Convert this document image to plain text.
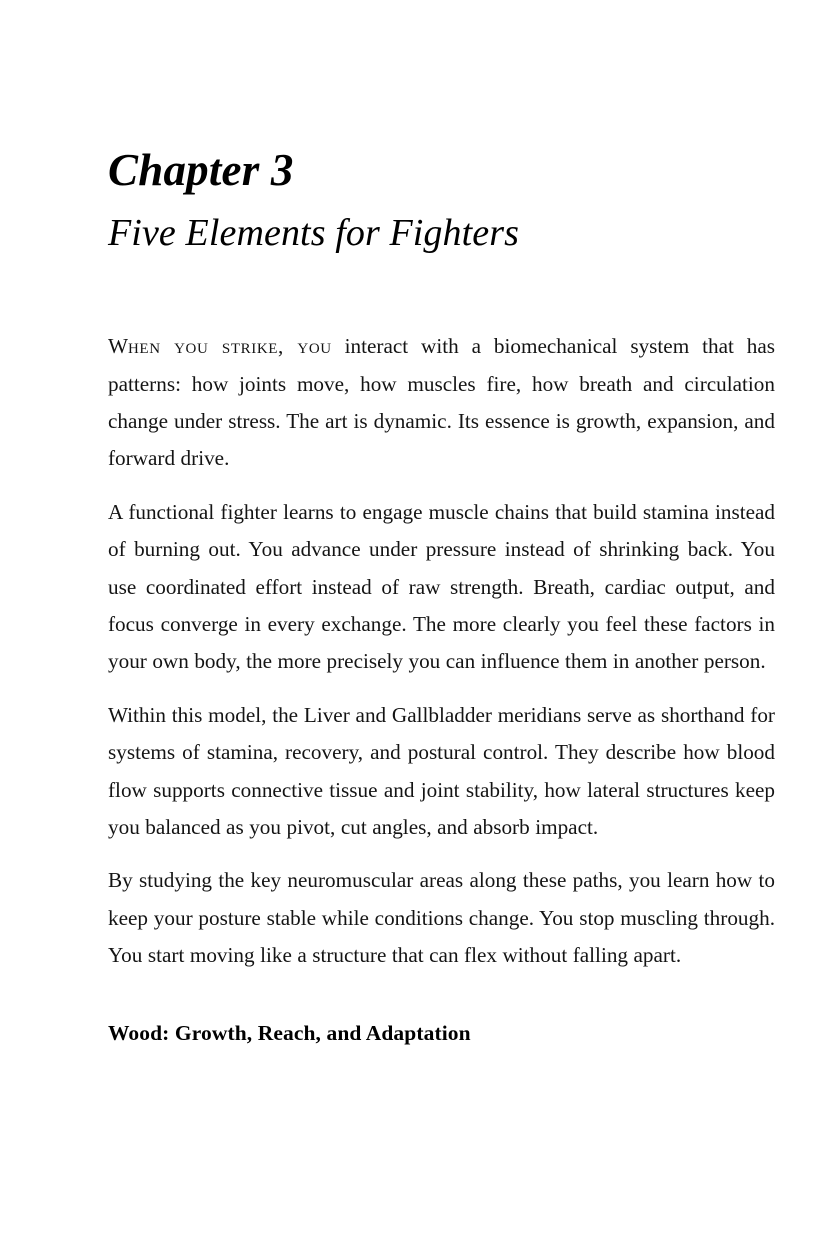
Chapter 3
Five Elements for Fighters

When you strike, you interact with a biomechanical system that has patterns: how joints move, how muscles fire, how breath and circulation change under stress. The art is dynamic. Its essence is growth, expansion, and forward drive.

A functional fighter learns to engage muscle chains that build stamina instead of burning out. You advance under pressure instead of shrinking back. You use coordinated effort instead of raw strength. Breath, cardiac output, and focus converge in every exchange. The more clearly you feel these factors in your own body, the more precisely you can influence them in another person.

Within this model, the Liver and Gallbladder meridians serve as shorthand for systems of stamina, recovery, and postural control. They describe how blood flow supports connective tissue and joint stability, how lateral structures keep you balanced as you pivot, cut angles, and absorb impact.

By studying the key neuromuscular areas along these paths, you learn how to keep your posture stable while conditions change. You stop muscling through. You start moving like a structure that can flex without falling apart.

Wood: Growth, Reach, and Adaptation
